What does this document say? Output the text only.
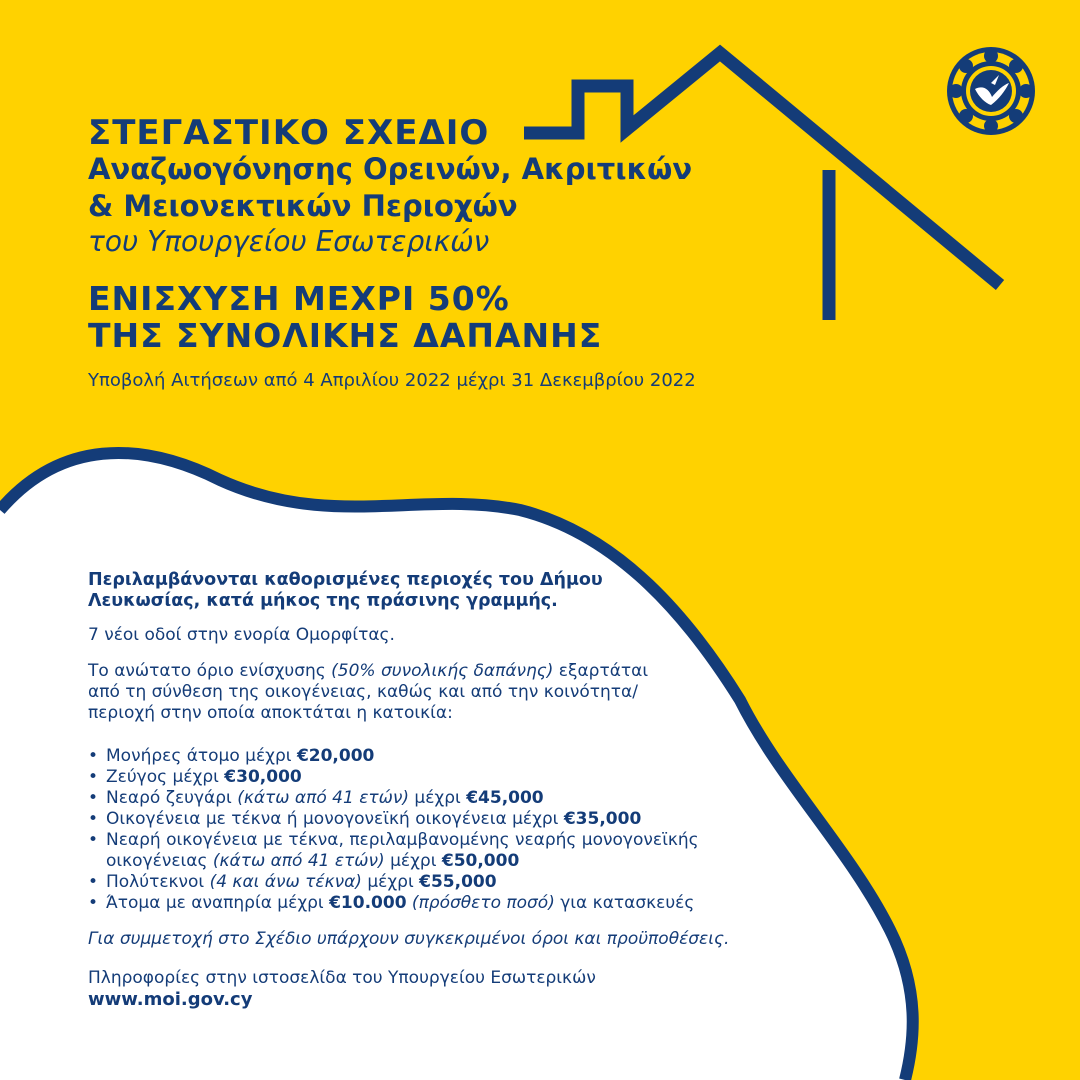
ΣΤΕΓΑΣΤΙΚΟ ΣΧΕΔΙΟ
Αναζωογόνησης Ορεινών, Ακριτικών
& Μειονεκτικών Περιοχών
του Υπουργείου Εσωτερικών
ΕΝΙΣΧΥΣΗ ΜΕΧΡΙ 50%
ΤΗΣ ΣΥΝΟΛΙΚΗΣ ΔΑΠΑΝΗΣ
Υποβολή Αιτήσεων από 4 Απριλίου 2022 μέχρι 31 Δεκεμβρίου 2022

Περιλαμβάνονται καθορισμένες περιοχές του Δήμου
Λευκωσίας, κατά μήκος της πράσινης γραμμής.

7 νέοι οδοί στην ενορία Ομορφίτας.

Το ανώτατο όριο ενίσχυσης (50% συνολικής δαπάνης) εξαρτάται
από τη σύνθεση της οικογένειας, καθώς και από την κοινότητα/
περιοχή στην οποία αποκτάται η κατοικία:

• Μονήρες άτομο μέχρι €20,000
• Ζεύγος μέχρι €30,000
• Νεαρό ζευγάρι (κάτω από 41 ετών) μέχρι €45,000
• Οικογένεια με τέκνα ή μονογονεϊκή οικογένεια μέχρι €35,000
• Νεαρή οικογένεια με τέκνα, περιλαμβανομένης νεαρής μονογονεϊκής
οικογένειας (κάτω από 41 ετών) μέχρι €50,000
• Πολύτεκνοι (4 και άνω τέκνα) μέχρι €55,000
• Άτομα με αναπηρία μέχρι €10.000 (πρόσθετο ποσό) για κατασκευές

Για συμμετοχή στο Σχέδιο υπάρχουν συγκεκριμένοι όροι και προϋποθέσεις.

Πληροφορίες στην ιστοσελίδα του Υπουργείου Εσωτερικών
www.moi.gov.cy
